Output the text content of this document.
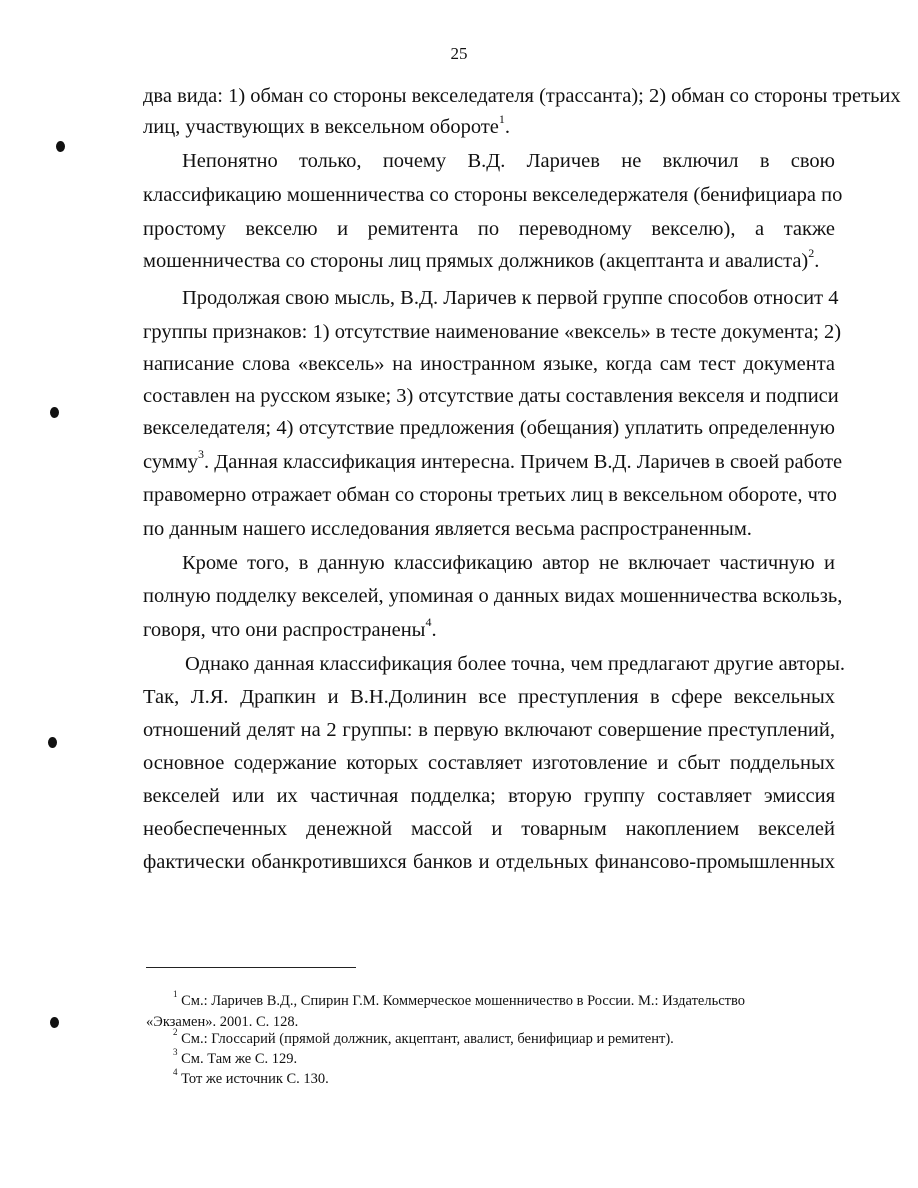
25
два вида: 1) обман со стороны векселедателя (трассанта); 2) обман со стороны третьих
лиц, участвующих в вексельном обороте$^1$.
Непонятно только, почему В.Д. Ларичев не включил в свою
классификацию мошенничества со стороны векселедержателя (бенифициара по
простому векселю и ремитента по переводному векселю), а также
мошенничества со стороны лиц прямых должников (акцептанта и авалиста)$^2$.
Продолжая свою мысль, В.Д. Ларичев к первой группе способов относит 4
группы признаков: 1) отсутствие наименование «вексель» в тесте документа; 2)
написание слова «вексель» на иностранном языке, когда сам тест документа
составлен на русском языке; 3) отсутствие даты составления векселя и подписи
векселедателя; 4) отсутствие предложения (обещания) уплатить определенную
сумму$^3$. Данная классификация интересна. Причем В.Д. Ларичев в своей работе
правомерно отражает обман со стороны третьих лиц в вексельном обороте, что
по данным нашего исследования является весьма распространенным.
Кроме того, в данную классификацию автор не включает частичную и
полную подделку векселей, упоминая о данных видах мошенничества вскользь,
говоря, что они распространены$^4$.
Однако данная классификация более точна, чем предлагают другие авторы.
Так, Л.Я. Драпкин и В.Н.Долинин все преступления в сфере вексельных
отношений делят на 2 группы: в первую включают совершение преступлений,
основное содержание которых составляет изготовление и сбыт поддельных
векселей или их частичная подделка; вторую группу составляет эмиссия
необеспеченных денежной массой и товарным накоплением векселей
фактически обанкротившихся банков и отдельных финансово-промышленных
$^1$ См.: Ларичев В.Д., Спирин Г.М. Коммерческое мошенничество в России. М.: Издательство
«Экзамен». 2001. С. 128.
$^2$ См.: Глоссарий (прямой должник, акцептант, авалист, бенифициар и ремитент).
$^3$ См. Там же С. 129.
$^4$ Тот же источник С. 130.
